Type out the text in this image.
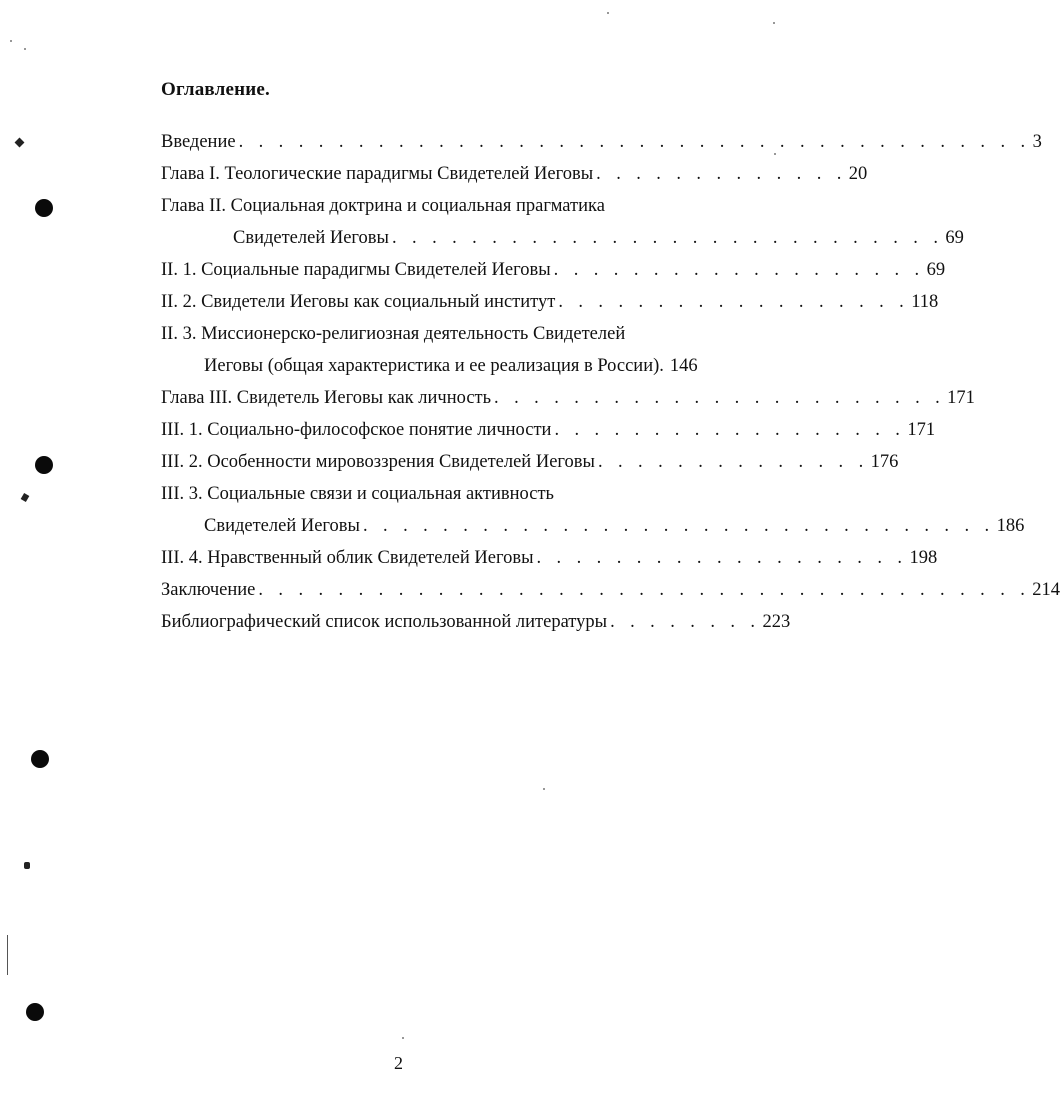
Оглавление.
Введение . . . . . . . . . . . . . . . . . . . . . . . . . . . . . . . . . . . . . . . . 3
Глава I. Теологические парадигмы Свидетелей Иеговы . . . . . . . . . . . . . 20
Глава II. Социальная доктрина и социальная прагматика
Свидетелей Иеговы . . . . . . . . . . . . . . . . . . . . . . . . . . . . 69
II. 1. Социальные парадигмы Свидетелей Иеговы . . . . . . . . . . . . . . . . . . . 69
II. 2. Свидетели Иеговы как социальный институт . . . . . . . . . . . . . . . . . . 118
II. 3. Миссионерско-религиозная деятельность Свидетелей
Иеговы (общая характеристика и ее реализация в России). 146
Глава III. Свидетель Иеговы как личность . . . . . . . . . . . . . . . . . . . . . . . 171
III. 1. Социально-философское понятие личности . . . . . . . . . . . . . . . . . . 171
III. 2. Особенности мировоззрения Свидетелей Иеговы . . . . . . . . . . . . . . 176
III. 3. Социальные связи и социальная активность
Свидетелей Иеговы . . . . . . . . . . . . . . . . . . . . . . . . . . . . . . . . 186
III. 4. Нравственный облик Свидетелей Иеговы . . . . . . . . . . . . . . . . . . . 198
Заключение . . . . . . . . . . . . . . . . . . . . . . . . . . . . . . . . . . . . . . . 214
Библиографический список использованной литературы . . . . . . . . 223
2
